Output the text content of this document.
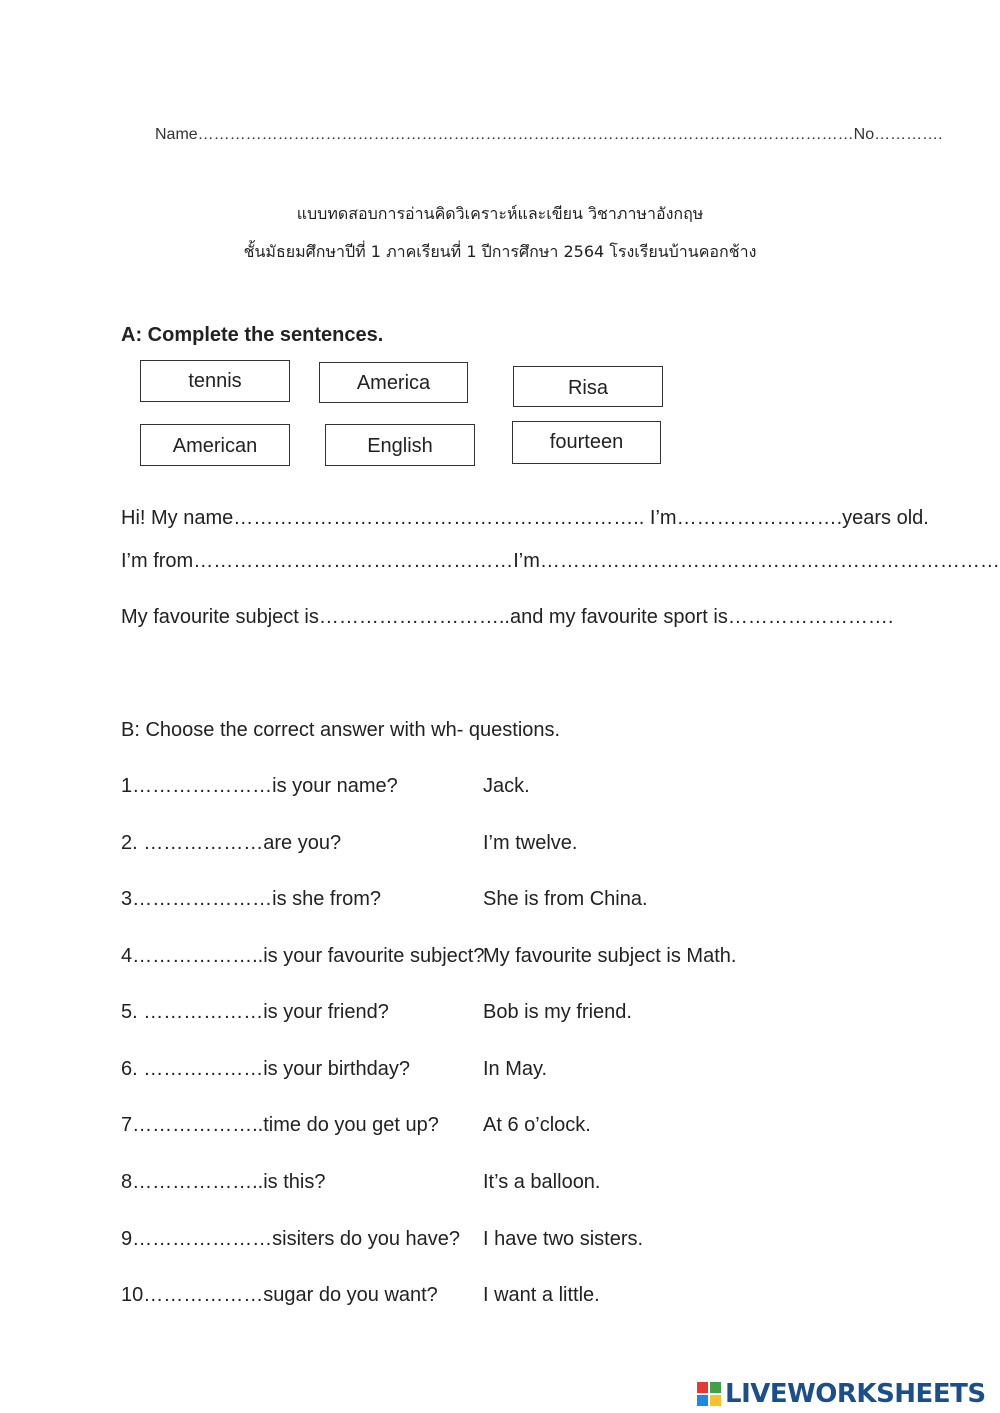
Name……………………………………………………………………………………………………………No………….
แบบทดสอบการอ่านคิดวิเคราะห์และเขียน วิชาภาษาอังกฤษ
ชั้นมัธยมศึกษาปีที่ 1 ภาคเรียนที่ 1 ปีการศึกษา 2564 โรงเรียนบ้านคอกช้าง
A: Complete the sentences.
tennis	America	Risa
American	English	fourteen
Hi! My name…………………………………………………….. I’m…………………….years old.
I’m from…………………………………………I’m……………………………………………………………
My favourite subject is………………………..and my favourite sport is…………………….
B: Choose the correct answer with wh- questions.
1…………………is your name?	Jack.
2. ………………are you?	I’m twelve.
3…………………is she from?	She is from China.
4………………..is your favourite subject?
My favourite subject is Math.
5. ………………is your friend?	Bob is my friend.
6. ………………is your birthday?	In May.
7………………..time do you get up? At 6 o’clock.
8………………..is this?	It’s a balloon.
9…………………sisiters do you have? I have two sisters.
10………………sugar do you want? I want a little.
LIVEWORKSHEETS
